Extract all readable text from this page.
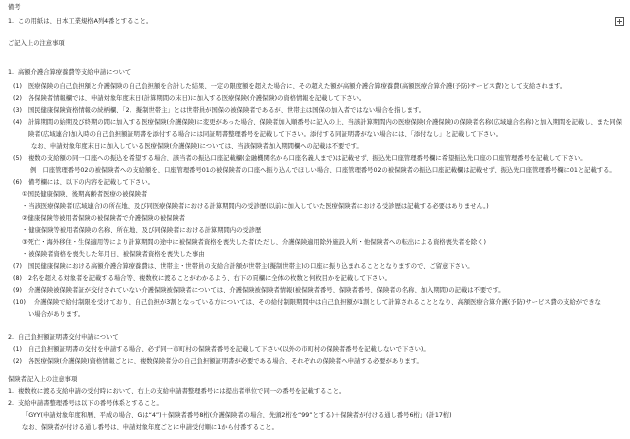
備考
1. この用紙は、日本工業規格A列4番とすること。
ご記入上の注意事項
1. 高額介護合算療養費等支給申請について
(1) 医療保険の自己負担額と介護保険の自己負担額を合計した結果、一定の限度額を超えた場合に、その超えた額が高額介護合算療養費(高額医療合算介護(予防)サービス費)として支給されます。
(2) 各保険者情報欄では、申請対象年度末日(計算期間の末日)に加入する医療保険(介護保険)の資格情報を記載して下さい。
(3) 国民健康保険資格情報の続柄欄、「2．擬制世帯主」とは世帯員が国保の被保険者であるが、世帯主は国保の加入者ではない場合を指します。
(4) 計算期間の始期及び終期の間に加入する医療保険(介護保険)に変更があった場合、保険者加入順番号に記入の上、当該計算期間内の医療保険(介護保険)の保険者名称(広域連合名称)と加入期間を記載し、また同保
険者(広域連合)加入時の自己負担額証明書を添付する場合には同証明書整理番号を記載して下さい。添付する同証明書がない場合には、「添付なし」と記載して下さい。
なお、申請対象年度末日に加入している医療保険(介護保険)については、当該保険者加入期間欄への記載は不要です。
(5) 複数の支給額の同一口座への振込を希望する場合、該当者の振込口座記載欄(金融機関名から口座名義人まで)は記載せず、振込先口座管理番号欄に希望振込先口座の口座管理番号を記載して下さい。
例　口座管理番号02の被保険者への支給額を、口座管理番号01の被保険者の口座へ振り込んでほしい場合、口座管理番号02の被保険者の振込口座記載欄は記載せず、振込先口座管理番号欄に01と記載する。
(6) 備考欄には、以下の内容を記載して下さい。
①国民健康保険、後期高齢者医療の被保険者
・当該医療保険者(広域連合)の所在地、及び同医療保険者における計算期間内の受診歴(以前に加入していた医療保険者における受診歴は記載する必要はありません。)
②健康保険等被用者保険の被保険者で介護保険の被保険者
・健康保険等被用者保険の名称、所在地、及び同保険者における計算期間内の受診歴
③死亡・海外移住・生保適用等により計算期間の途中に被保険者資格を喪失した者(ただし、介護保険適用除外施設入所・他保険者への転出による資格喪失者を除く)
・被保険者資格を喪失した年月日、被保険者資格を喪失した事由
(7) 国民健康保険における高額介護合算療養費は、世帯主・世帯員の支給合計額が世帯主(擬制世帯主)の口座に振り込まれることとなりますので、ご留意下さい。
(8) 2名を超える対象者を記載する場合等、複数枚に渡ることがわかるよう、右下の頁欄に全体の枚数と何枚目かを記載して下さい。
(9) 介護保険被保険者証が交付されていない介護保険被保険者については、介護保険被保険者情報(被保険者番号、保険者番号、保険者の名称、加入期間)の記載は不要です。
(10) 介護保険で給付制限を受けており、自己負担が3割となっている方については、その給付制限期間中は自己負担額が1割として計算されることとなり、高額医療合算介護(予防)サービス費の支給ができな
い場合があります。
2. 自己負担額証明書交付申請について
(1) 自己負担額証明書の交付を申請する場合、必ず同一市町村の保険者番号を記載して下さい(以外の市町村の保険者番号を記載しないで下さい)。
(2) 各医療保険(介護保険)資格情報ごとに、複数保険者分の自己負担額証明書が必要である場合、それぞれの保険者へ申請する必要があります。
保険者記入上の注意事項
1. 複数枚に渡る支給申請の受付時において、右上の支給申請書整理番号には提出者単位で同一の番号を記載すること。
2. 支給申請書整理番号は以下の番号体系とすること。
「GYY(申請対象年度和暦、平成の場合、Gは“4”)＋保険者番号8桁(介護保険者の場合、先頭2桁を“99”とする)＋保険者が付ける通し番号6桁」(計17桁)
なお、保険者が付ける通し番号は、申請対象年度ごとに申請受付順に1から付番すること。
